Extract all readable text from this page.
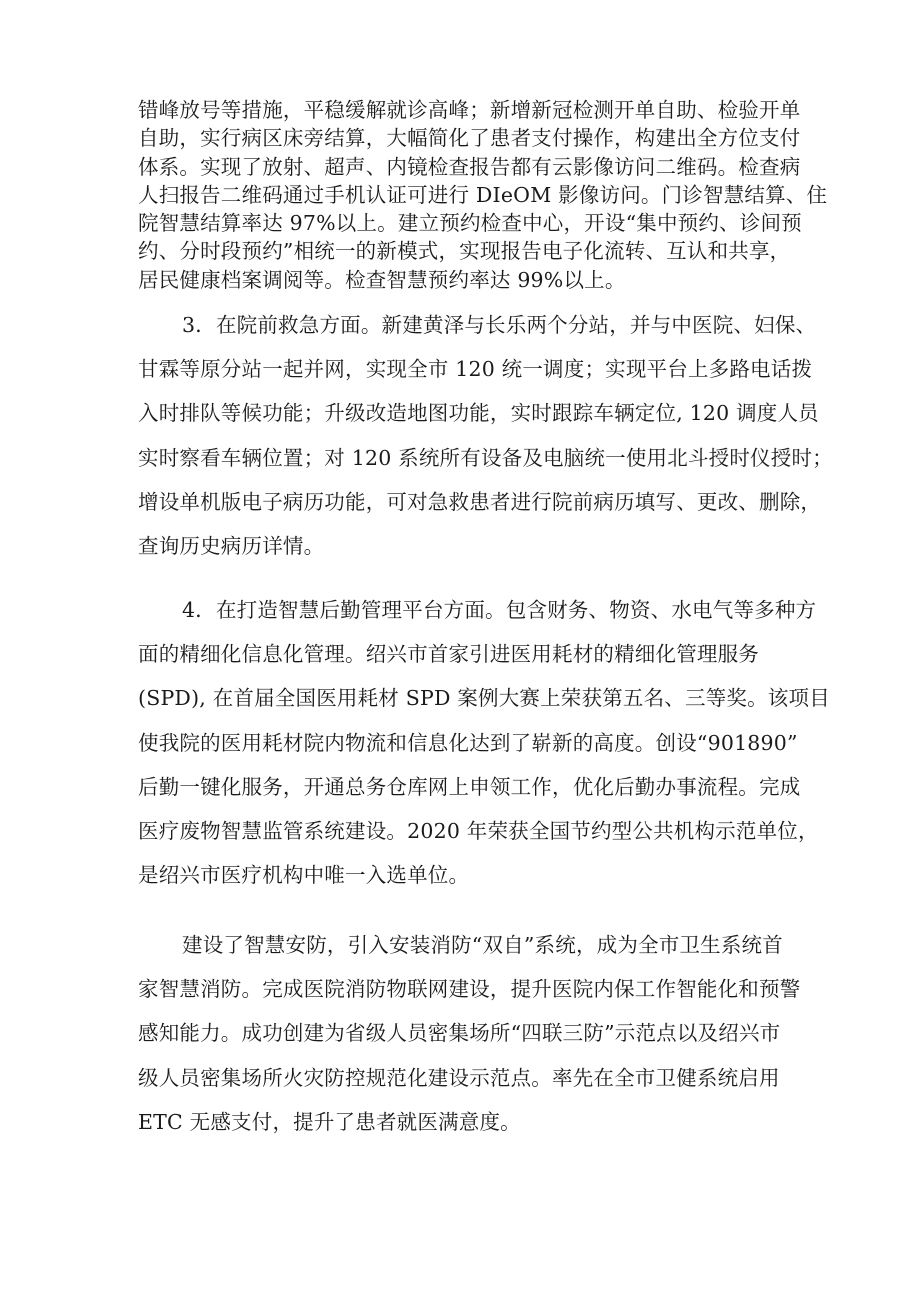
错峰放号等措施，平稳缓解就诊高峰；新增新冠检测开单自助、检验开单
自助，实行病区床旁结算，大幅简化了患者支付操作，构建出全方位支付
体系。实现了放射、超声、内镜检查报告都有云影像访问二维码。检查病
人扫报告二维码通过手机认证可进行 DIeOM 影像访问。门诊智慧结算、住
院智慧结算率达 97%以上。建立预约检查中心，开设“集中预约、诊间预
约、分时段预约”相统一的新模式，实现报告电子化流转、互认和共享，
居民健康档案调阅等。检查智慧预约率达 99%以上。
3．在院前救急方面。新建黄泽与长乐两个分站，并与中医院、妇保、
甘霖等原分站一起并网，实现全市 120 统一调度；实现平台上多路电话拨
入时排队等候功能；升级改造地图功能，实时跟踪车辆定位, 120 调度人员
实时察看车辆位置；对 120 系统所有设备及电脑统一使用北斗授时仪授时；
增设单机版电子病历功能，可对急救患者进行院前病历填写、更改、删除，
查询历史病历详情。
4．在打造智慧后勤管理平台方面。包含财务、物资、水电气等多种方
面的精细化信息化管理。绍兴市首家引进医用耗材的精细化管理服务
(SPD), 在首届全国医用耗材 SPD 案例大赛上荣获第五名、三等奖。该项目
使我院的医用耗材院内物流和信息化达到了崭新的高度。创设“901890”
后勤一键化服务，开通总务仓库网上申领工作，优化后勤办事流程。完成
医疗废物智慧监管系统建设。2020 年荣获全国节约型公共机构示范单位，
是绍兴市医疗机构中唯一入选单位。
建设了智慧安防，引入安装消防“双自”系统，成为全市卫生系统首
家智慧消防。完成医院消防物联网建设，提升医院内保工作智能化和预警
感知能力。成功创建为省级人员密集场所“四联三防”示范点以及绍兴市
级人员密集场所火灾防控规范化建设示范点。率先在全市卫健系统启用
ETC 无感支付，提升了患者就医满意度。
